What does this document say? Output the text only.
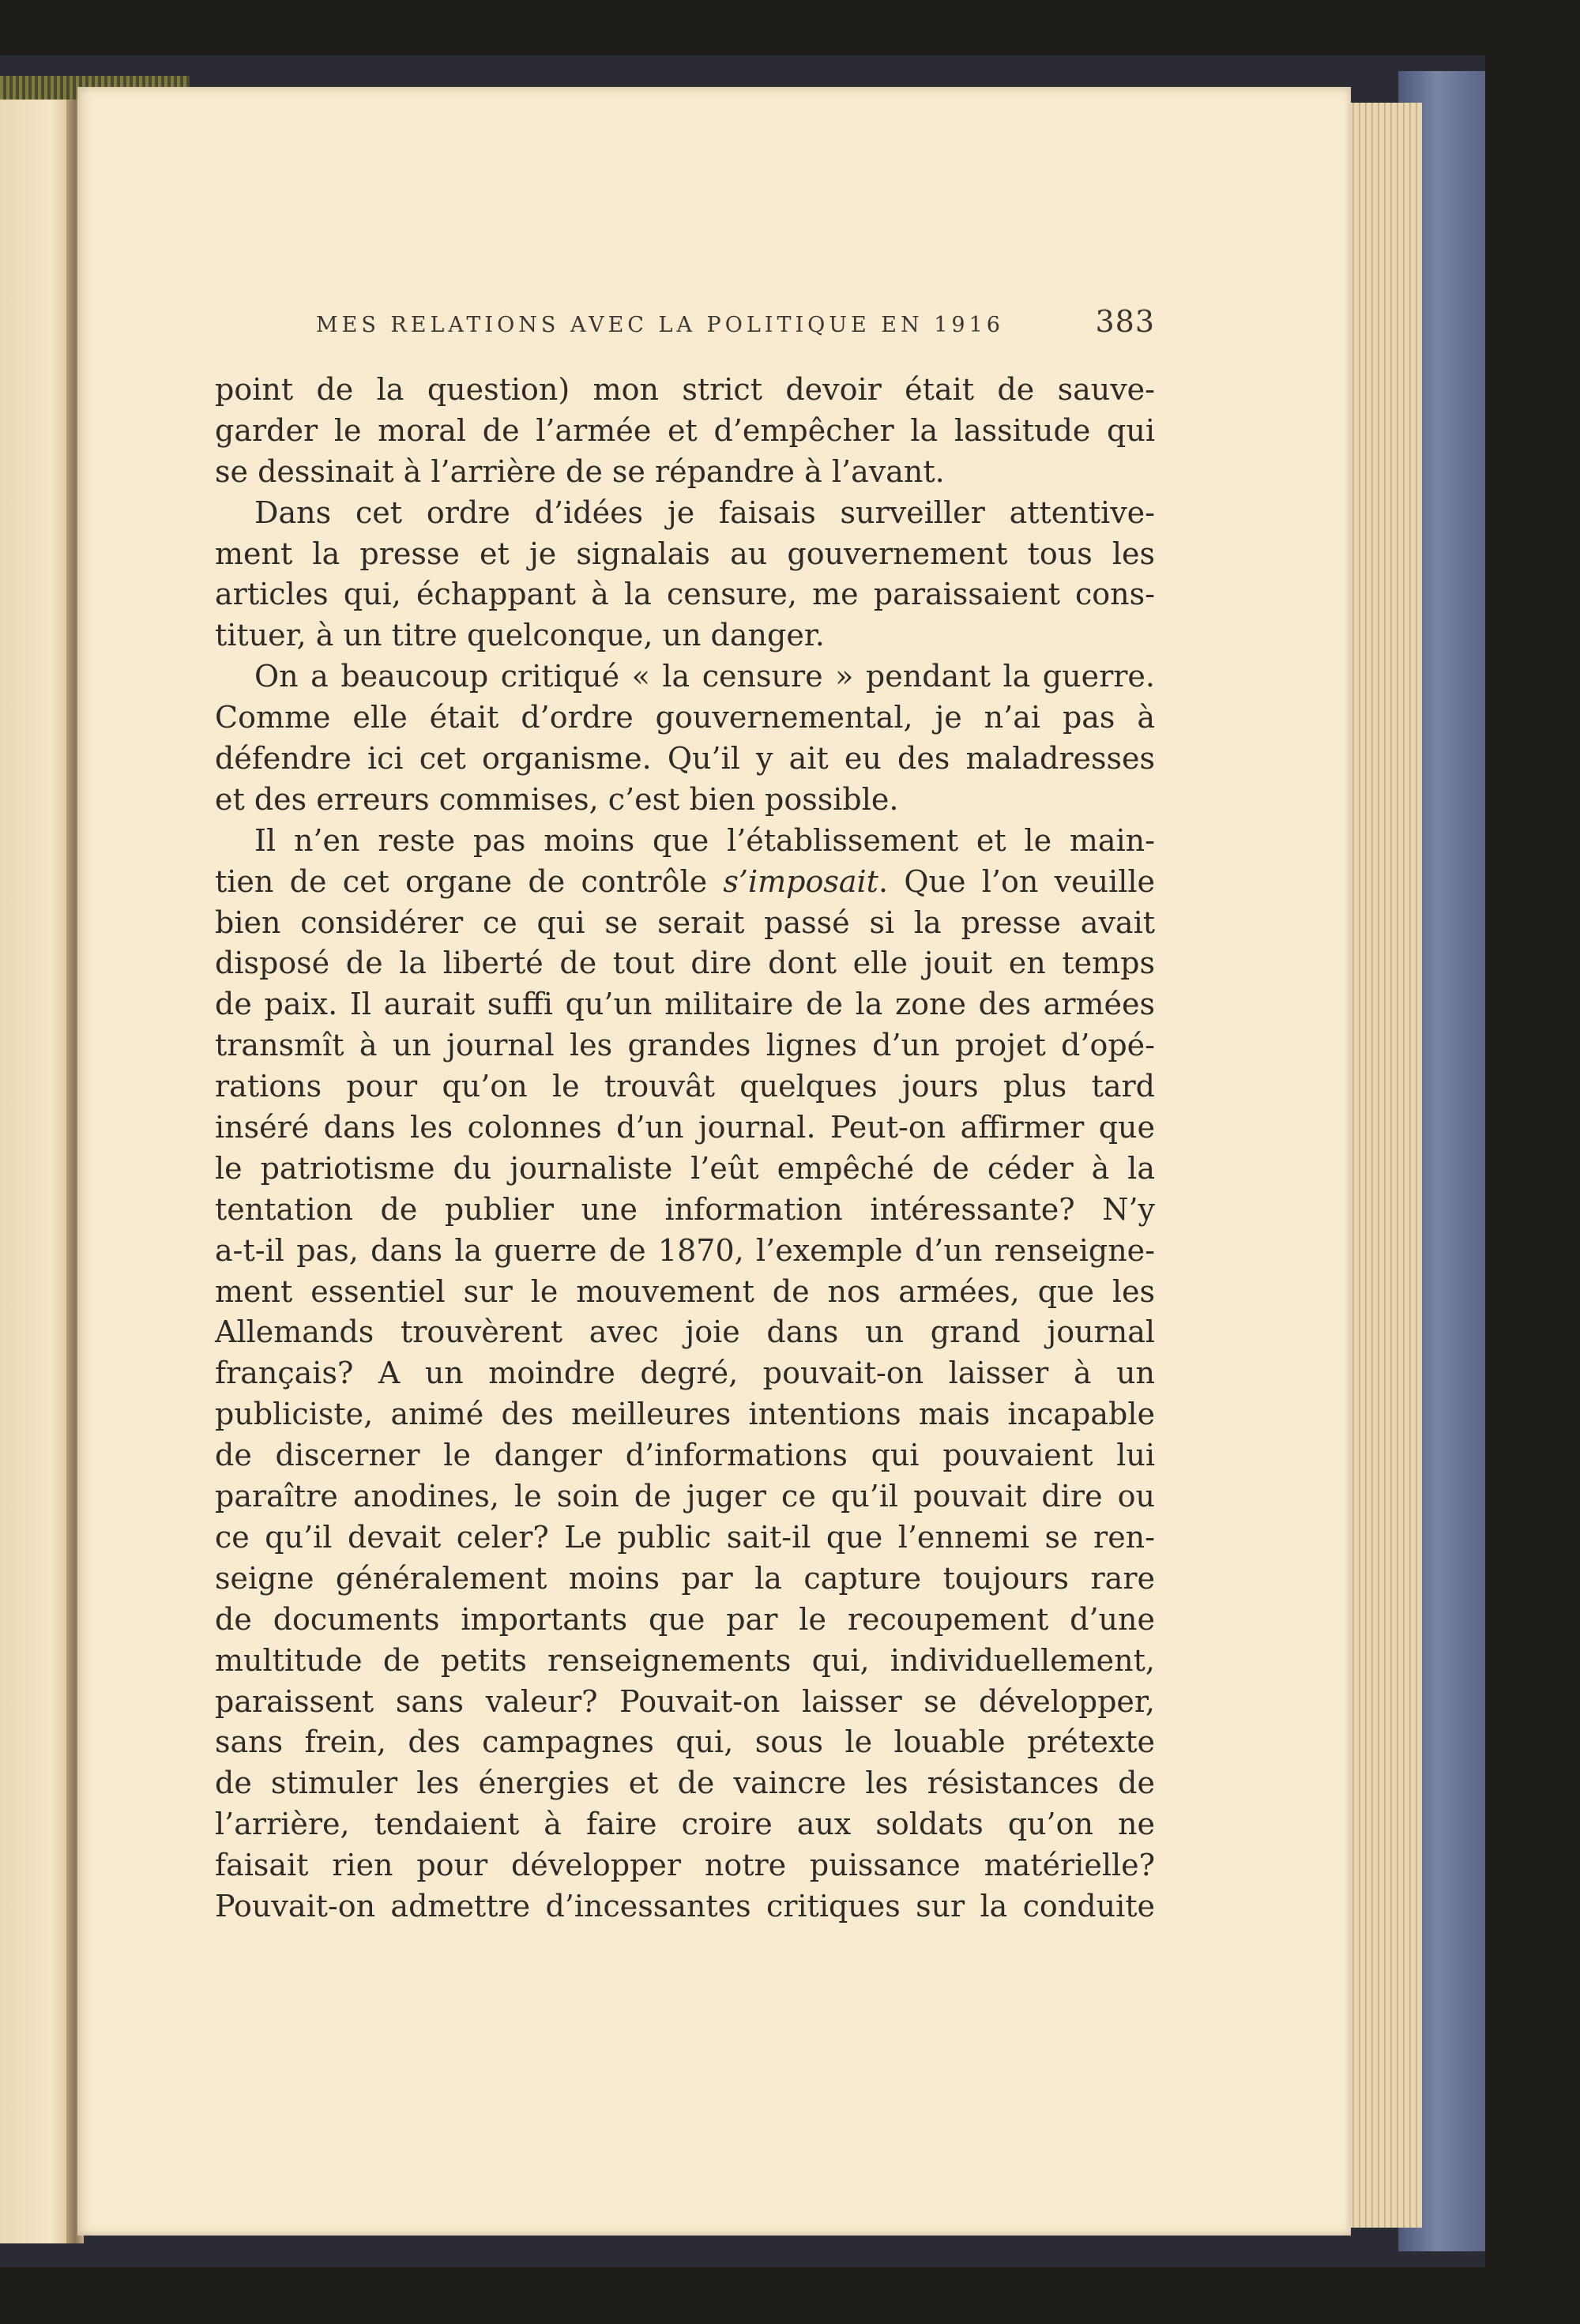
MES RELATIONS AVEC LA POLITIQUE EN 1916	383
point de la question) mon strict devoir était de sauve-
garder le moral de l’armée et d’empêcher la lassitude qui
se dessinait à l’arrière de se répandre à l’avant.
Dans cet ordre d’idées je faisais surveiller attentive-
ment la presse et je signalais au gouvernement tous les
articles qui, échappant à la censure, me paraissaient cons-
tituer, à un titre quelconque, un danger.
On a beaucoup critiqué « la censure » pendant la guerre.
Comme elle était d’ordre gouvernemental, je n’ai pas à
défendre ici cet organisme. Qu’il y ait eu des maladresses
et des erreurs commises, c’est bien possible.
Il n’en reste pas moins que l’établissement et le main-
tien de cet organe de contrôle s’imposait. Que l’on veuille
bien considérer ce qui se serait passé si la presse avait
disposé de la liberté de tout dire dont elle jouit en temps
de paix. Il aurait suffi qu’un militaire de la zone des armées
transmît à un journal les grandes lignes d’un projet d’opé-
rations pour qu’on le trouvât quelques jours plus tard
inséré dans les colonnes d’un journal. Peut-on affirmer que
le patriotisme du journaliste l’eût empêché de céder à la
tentation de publier une information intéressante? N’y
a-t-il pas, dans la guerre de 1870, l’exemple d’un renseigne-
ment essentiel sur le mouvement de nos armées, que les
Allemands trouvèrent avec joie dans un grand journal
français? A un moindre degré, pouvait-on laisser à un
publiciste, animé des meilleures intentions mais incapable
de discerner le danger d’informations qui pouvaient lui
paraître anodines, le soin de juger ce qu’il pouvait dire ou
ce qu’il devait celer? Le public sait-il que l’ennemi se ren-
seigne généralement moins par la capture toujours rare
de documents importants que par le recoupement d’une
multitude de petits renseignements qui, individuellement,
paraissent sans valeur? Pouvait-on laisser se développer,
sans frein, des campagnes qui, sous le louable prétexte
de stimuler les énergies et de vaincre les résistances de
l’arrière, tendaient à faire croire aux soldats qu’on ne
faisait rien pour développer notre puissance matérielle?
Pouvait-on admettre d’incessantes critiques sur la conduite
